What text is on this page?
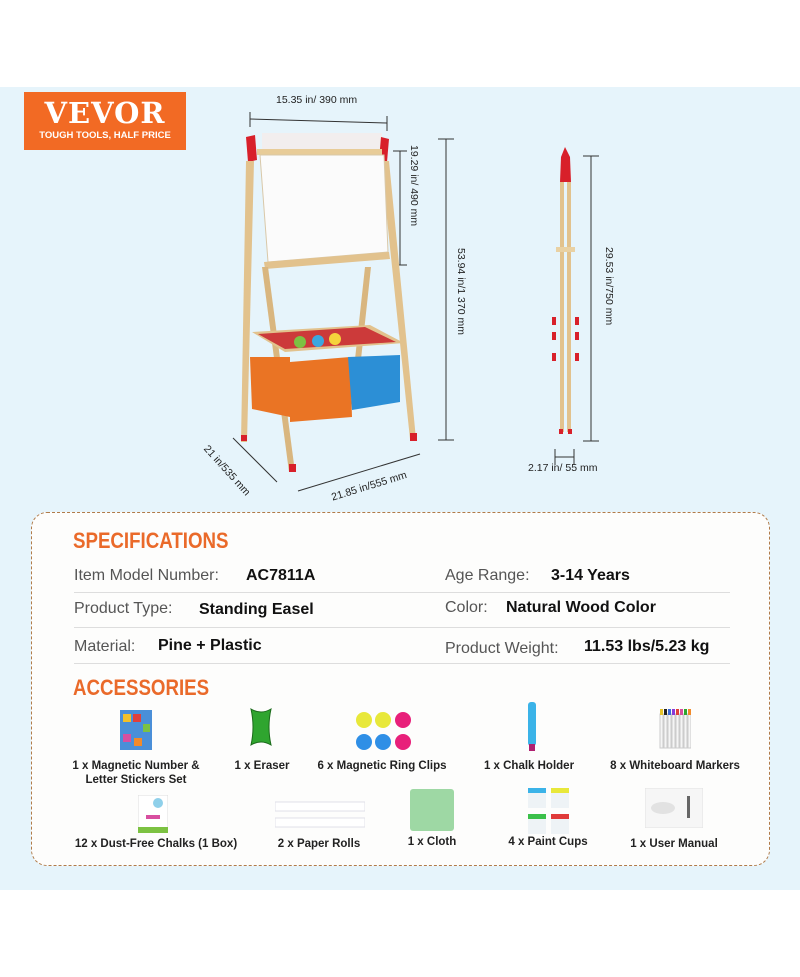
VEVOR
TOUGH TOOLS, HALF PRICE
15.35 in/ 390 mm
19.29 in/ 490 mm
53.94 in/1 370 mm	29.53 in/750 mm
2.17 in/ 55 mm
21 in/535 mm	21.85 in/555 mm
SPECIFICATIONS
Item Model Number: AC7811A	Age Range: 3-14 Years
Product Type: Standing Easel	Color: Natural Wood Color
Material: Pine + Plastic	Product Weight: 11.53 lbs/5.23 kg
ACCESSORIES
1 x Magnetic Number &
Letter Stickers Set
1 x Eraser 6 x Magnetic Ring Clips	1 x Chalk Holder	8 x Whiteboard Markers
12 x Dust-Free Chalks (1 Box)	2 x Paper Rolls	1 x Cloth	4 x Paint Cups	1 x User Manual
